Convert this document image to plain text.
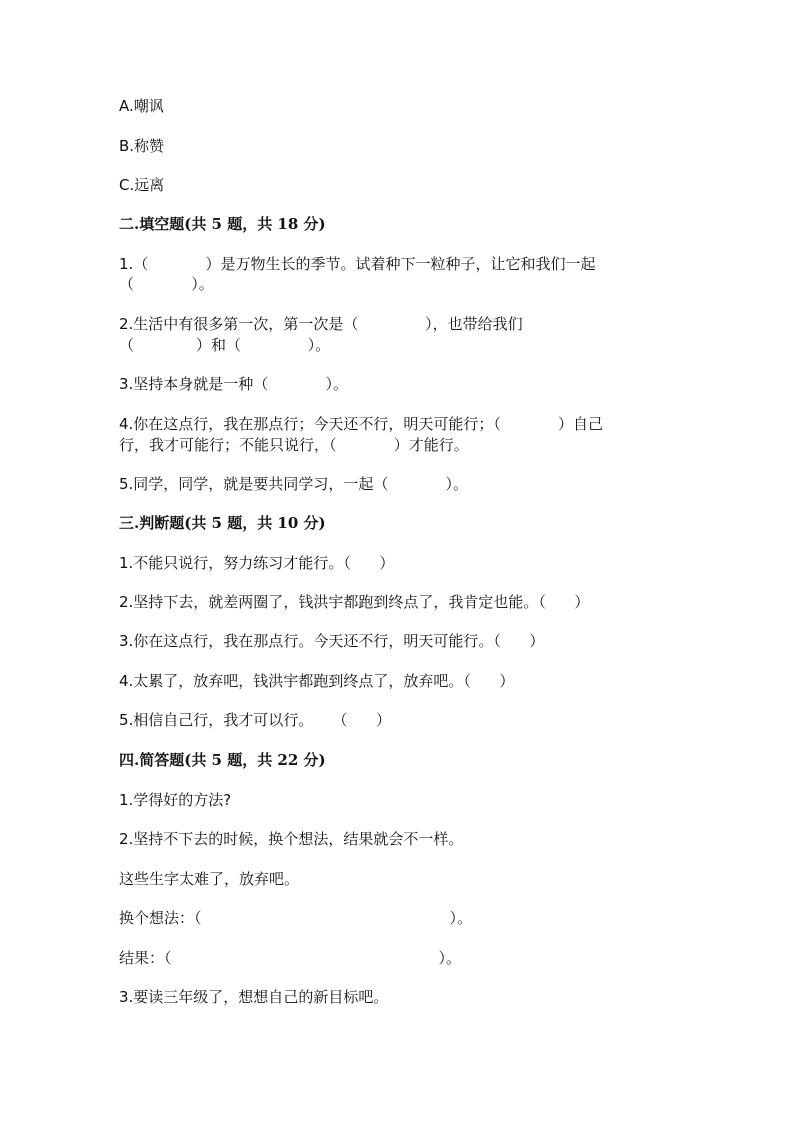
A.嘲讽
B.称赞
C.远离
二.填空题(共 5 题，共 18 分)
1.（            ）是万物生长的季节。试着种下一粒种子，让它和我们一起
（            ）。
2.生活中有很多第一次，第一次是（              ），也带给我们
（             ）和（              ）。
3.坚持本身就是一种（            ）。
4.你在这点行，我在那点行；今天还不行，明天可能行；（            ）自己
行，我才可能行；不能只说行，（            ）才能行。
5.同学，同学，就是要共同学习，一起（            ）。
三.判断题(共 5 题，共 10 分)
1.不能只说行，努力练习才能行。（      ）
2.坚持下去，就差两圈了，钱洪宇都跑到终点了，我肯定也能。（      ）
3.你在这点行，我在那点行。今天还不行，明天可能行。（      ）
4.太累了，放弃吧，钱洪宇都跑到终点了，放弃吧。（      ）
5.相信自己行，我才可以行。    （      ）
四.简答题(共 5 题，共 22 分)
1.学得好的方法?
2.坚持不下去的时候，换个想法，结果就会不一样。
这些生字太难了，放弃吧。
换个想法：（                                                    ）。
结果：（                                                        ）。
3.要读三年级了，想想自己的新目标吧。
